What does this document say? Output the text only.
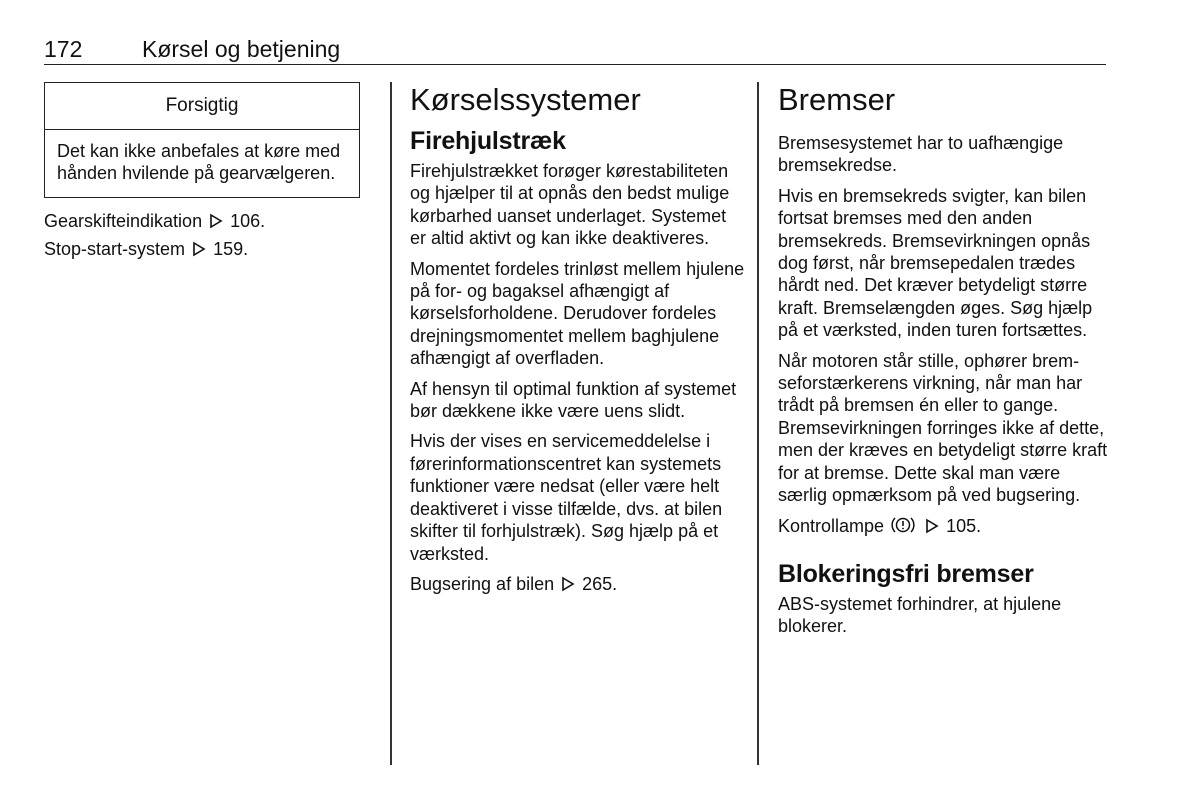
172	Kørsel og betjening
Forsigtig
Det kan ikke anbefales at køre med hånden hvilende på gearvælgeren.
Gearskifteindikation 106.
Stop-start-system 159.
Kørselssystemer
Firehjulstræk

Firehjulstrækket forøger kørestabiliteten og hjælper til at opnås den bedst mulige kørbarhed uanset underlaget. Systemet er altid aktivt og kan ikke deaktiveres.

Momentet fordeles trinløst mellem hjulene på for- og bagaksel afhængigt af kørselsforholdene. Derudover fordeles drejningsmomentet mellem baghjulene afhængigt af overfladen.

Af hensyn til optimal funktion af systemet bør dækkene ikke være uens slidt.

Hvis der vises en servicemeddelelse i førerinformationscentret kan systemets funktioner være nedsat (eller være helt deaktiveret i visse tilfælde, dvs. at bilen skifter til forhjulstræk). Søg hjælp på et værksted.

Bugsering af bilen 265.
Bremser

Bremsesystemet har to uafhængige bremsekredse.

Hvis en bremsekreds svigter, kan bilen fortsat bremses med den anden bremsekreds. Bremsevirkningen opnås dog først, når bremsepedalen trædes hårdt ned. Det kræver betydeligt større kraft. Bremselængden øges. Søg hjælp på et værksted, inden turen fortsættes.

Når motoren står stille, ophører bremseforstærkerens virkning, når man har trådt på bremsen én eller to gange. Bremsevirkningen forringes ikke af dette, men der kræves en betydeligt større kraft for at bremse. Dette skal man være særlig opmærksom på ved bugsering.

Kontrollampe	105.
Blokeringsfri bremser

ABS-systemet forhindrer, at hjulene blokerer.
